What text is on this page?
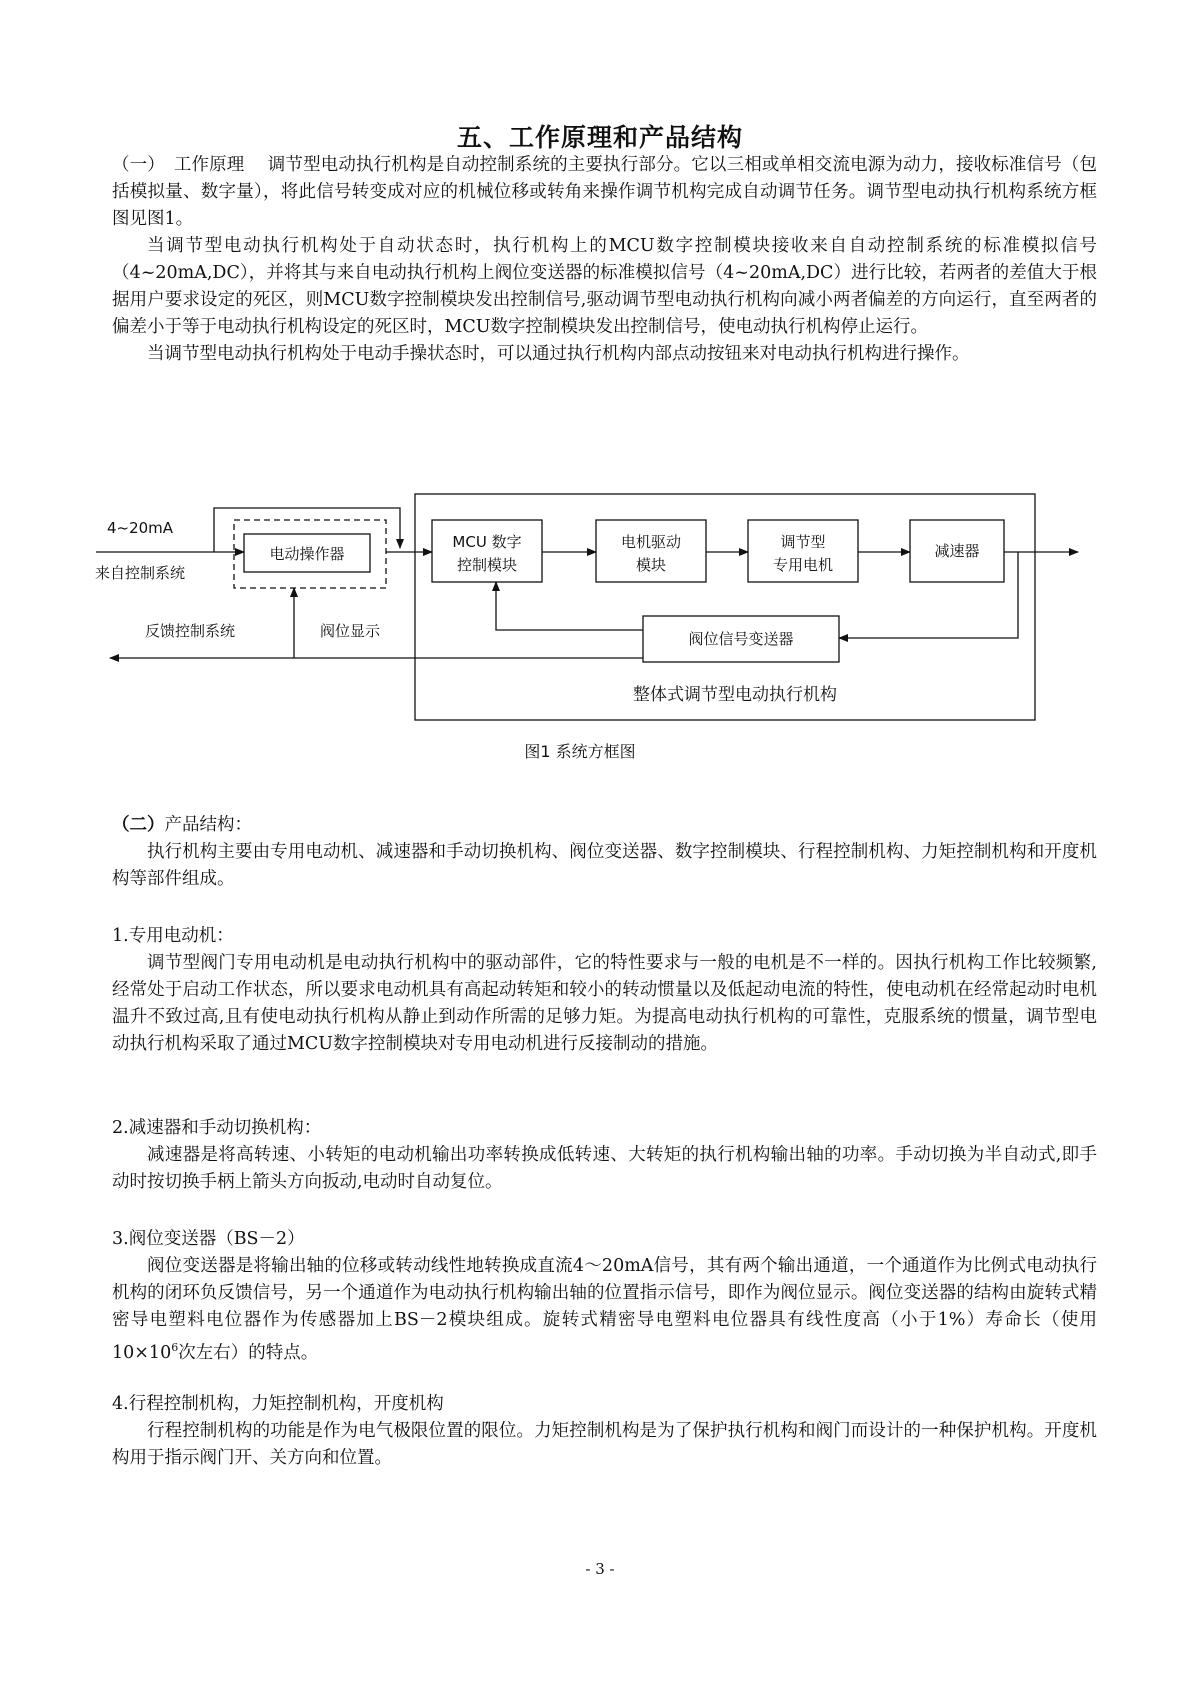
五、工作原理和产品结构

（一）　工作原理　 调节型电动执行机构是自动控制系统的主要执行部分。它以三相或单相交流电源为动力，接收标准信号（包括模拟量、数字量），将此信号转变成对应的机械位移或转角来操作调节机构完成自动调节任务。调节型电动执行机构系统方框图见图1。

当调节型电动执行机构处于自动状态时，执行机构上的MCU数字控制模块接收来自自动控制系统的标准模拟信号（4~20mA,DC），并将其与来自电动执行机构上阀位变送器的标准模拟信号（4~20mA,DC）进行比较，若两者的差值大于根据用户要求设定的死区，则MCU数字控制模块发出控制信号,驱动调节型电动执行机构向减小两者偏差的方向运行，直至两者的偏差小于等于电动执行机构设定的死区时，MCU数字控制模块发出控制信号，使电动执行机构停止运行。

当调节型电动执行机构处于电动手操状态时，可以通过执行机构内部点动按钮来对电动执行机构进行操作。

4~20mA
来自控制系统
电动操作器
MCU 数字
控制模块
电机驱动
模块
调节型
专用电机
减速器
阀位信号变送器
反馈控制系统	阀位显示
整体式调节型电动执行机构
图1 系统方框图
（二）产品结构：

执行机构主要由专用电动机、减速器和手动切换机构、阀位变送器、数字控制模块、行程控制机构、力矩控制机构和开度机构等部件组成。

1.专用电动机：

调节型阀门专用电动机是电动执行机构中的驱动部件，它的特性要求与一般的电机是不一样的。因执行机构工作比较频繁,经常处于启动工作状态，所以要求电动机具有高起动转矩和较小的转动惯量以及低起动电流的特性，使电动机在经常起动时电机温升不致过高,且有使电动执行机构从静止到动作所需的足够力矩。为提高电动执行机构的可靠性，克服系统的惯量，调节型电动执行机构采取了通过MCU数字控制模块对专用电动机进行反接制动的措施。

2.减速器和手动切换机构：

减速器是将高转速、小转矩的电动机输出功率转换成低转速、大转矩的执行机构输出轴的功率。手动切换为半自动式,即手动时按切换手柄上箭头方向扳动,电动时自动复位。

3.阀位变送器（BS－2）

阀位变送器是将输出轴的位移或转动线性地转换成直流4～20mA信号，其有两个输出通道，一个通道作为比例式电动执行机构的闭环负反馈信号，另一个通道作为电动执行机构输出轴的位置指示信号，即作为阀位显示。阀位变送器的结构由旋转式精密导电塑料电位器作为传感器加上BS－2模块组成。旋转式精密导电塑料电位器具有线性度高（小于1%）寿命长（使用$10\times 10^6$次左右）的特点。

4.行程控制机构，力矩控制机构，开度机构

行程控制机构的功能是作为电气极限位置的限位。力矩控制机构是为了保护执行机构和阀门而设计的一种保护机构。开度机构用于指示阀门开、关方向和位置。

- 3 -
